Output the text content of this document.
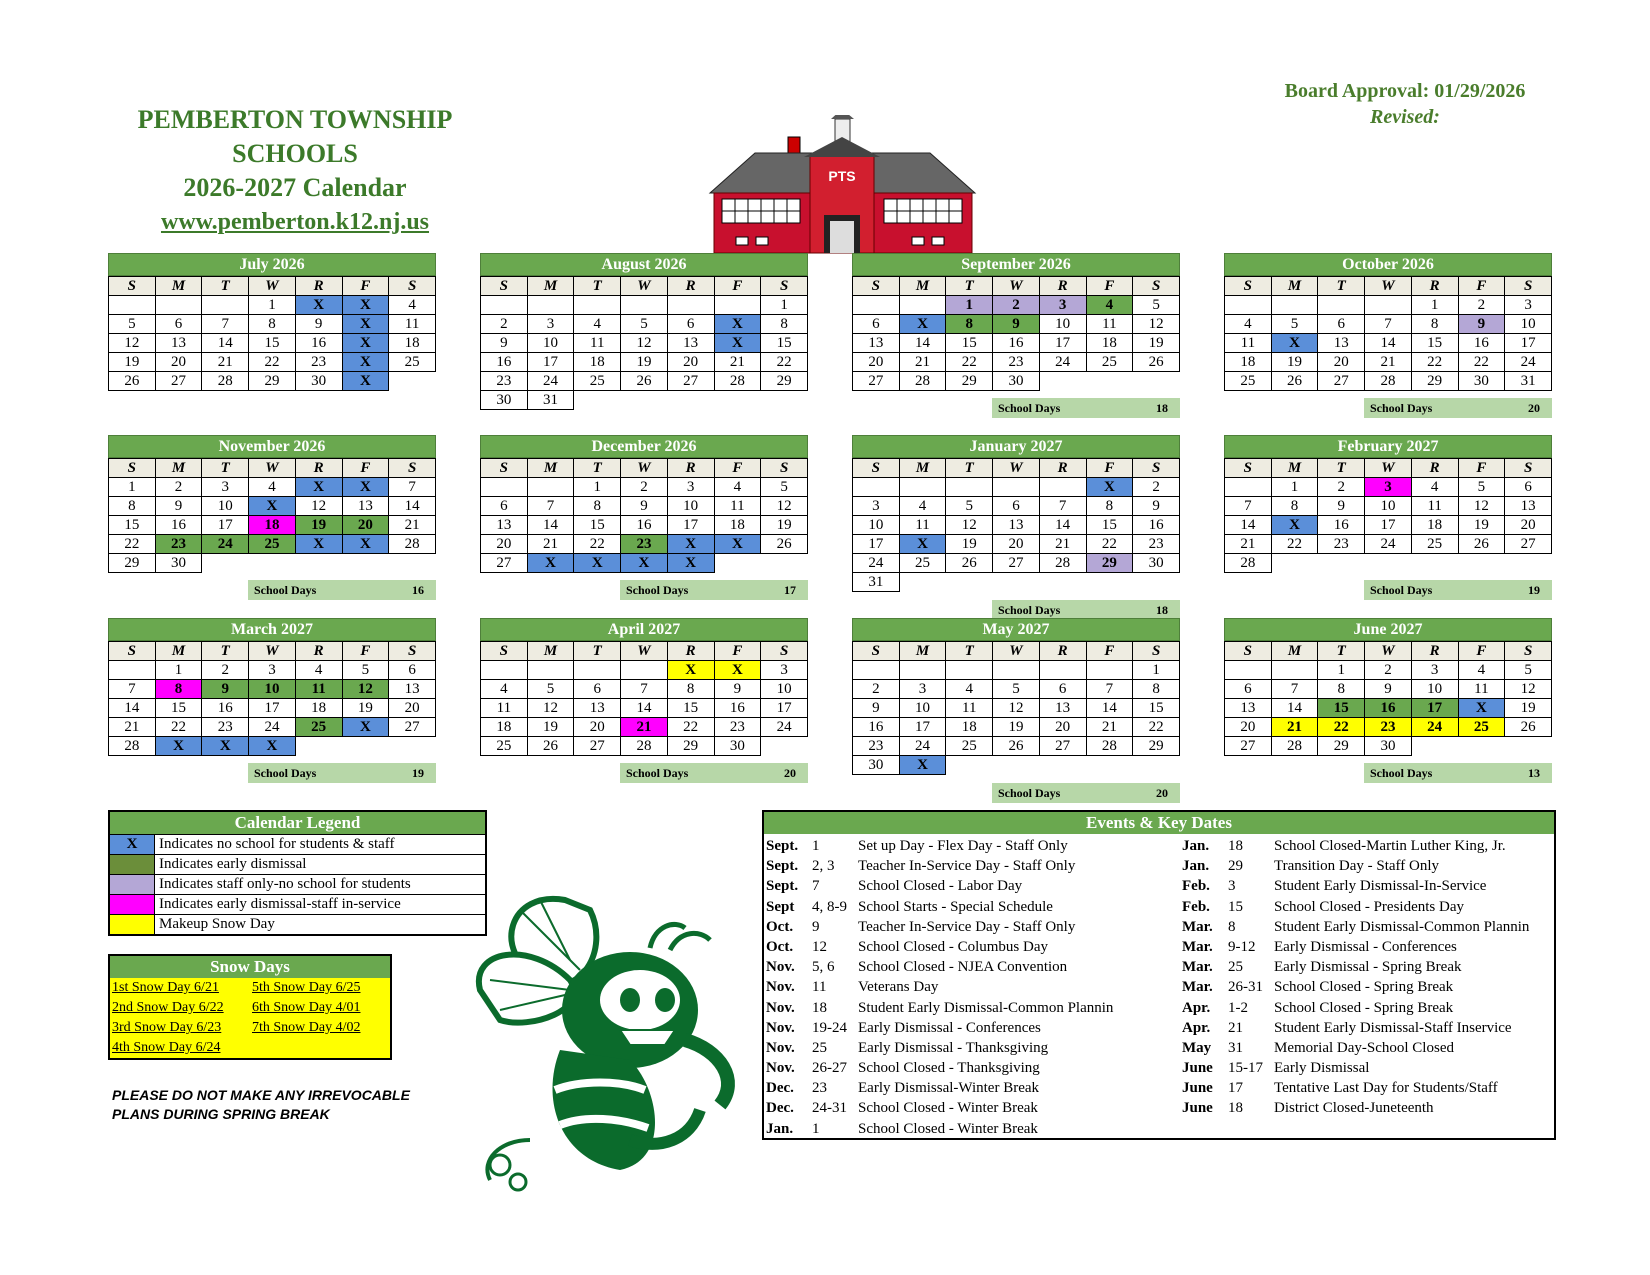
PEMBERTON TOWNSHIP
SCHOOLS
2026-2027 Calendar
www.pemberton.k12.nj.us
Board Approval: 01/29/2026
Revised:
PTS
July 2026
S	M	T	W	R	F	S
			1	X	X	4
5	6	7	8	9	X	11
12	13	14	15	16	X	18
19	20	21	22	23	X	25
26	27	28	29	30	X	
August 2026
S	M	T	W	R	F	S
						1
2	3	4	5	6	X	8
9	10	11	12	13	X	15
16	17	18	19	20	21	22
23	24	25	26	27	28	29
30	31					
September 2026
S	M	T	W	R	F	S
		1	2	3	4	5
6	X	8	9	10	11	12
13	14	15	16	17	18	19
20	21	22	23	24	25	26
27	28	29	30			
School Days	18
October 2026
S	M	T	W	R	F	S
				1	2	3
4	5	6	7	8	9	10
11	X	13	14	15	16	17
18	19	20	21	22	22	24
25	26	27	28	29	30	31
School Days	20
November 2026
S	M	T	W	R	F	S
1	2	3	4	X	X	7
8	9	10	X	12	13	14
15	16	17	18	19	20	21
22	23	24	25	X	X	28
29	30					
School Days	16
December 2026
S	M	T	W	R	F	S
		1	2	3	4	5
6	7	8	9	10	11	12
13	14	15	16	17	18	19
20	21	22	23	X	X	26
27	X	X	X	X		
School Days	17
January 2027
S	M	T	W	R	F	S
					X	2
3	4	5	6	7	8	9
10	11	12	13	14	15	16
17	X	19	20	21	22	23
24	25	26	27	28	29	30
31						
School Days	18
February 2027
S	M	T	W	R	F	S
	1	2	3	4	5	6
7	8	9	10	11	12	13
14	X	16	17	18	19	20
21	22	23	24	25	26	27
28						
School Days	19
March 2027
S	M	T	W	R	F	S
	1	2	3	4	5	6
7	8	9	10	11	12	13
14	15	16	17	18	19	20
21	22	23	24	25	X	27
28	X	X	X			
School Days	19
April 2027
S	M	T	W	R	F	S
				X	X	3
4	5	6	7	8	9	10
11	12	13	14	15	16	17
18	19	20	21	22	23	24
25	26	27	28	29	30	
School Days	20
May 2027
S	M	T	W	R	F	S
						1
2	3	4	5	6	7	8
9	10	11	12	13	14	15
16	17	18	19	20	21	22
23	24	25	26	27	28	29
30	X					
School Days	20
June 2027
S	M	T	W	R	F	S
		1	2	3	4	5
6	7	8	9	10	11	12
13	14	15	16	17	X	19
20	21	22	23	24	25	26
27	28	29	30			
School Days	13
Calendar Legend
X	Indicates no school for students & staff
Indicates early dismissal
Indicates staff only-no school for students
Indicates early dismissal-staff in-service
Makeup Snow Day
Snow Days
1st Snow Day 6/21	5th Snow Day 6/25
2nd Snow Day 6/22	6th Snow Day 4/01
3rd Snow Day 6/23	7th Snow Day 4/02
4th Snow Day 6/24
PLEASE DO NOT MAKE ANY IRREVOCABLE
PLANS DURING SPRING BREAK
Events & Key Dates
Sept. 1	Set up Day - Flex Day - Staff Only
Sept. 2, 3 Teacher In-Service Day - Staff Only
Sept. 7	School Closed - Labor Day
Sept 4, 8-9 School Starts - Special Schedule
Oct. 9	Teacher In-Service Day - Staff Only
Oct. 12 School Closed - Columbus Day
Nov. 5, 6 School Closed - NJEA Convention
Nov. 11 Veterans Day
Nov. 18 Student Early Dismissal-Common Plannin
Nov. 19-24 Early Dismissal - Conferences
Nov. 25 Early Dismissal - Thanksgiving
Nov. 26-27 School Closed - Thanksgiving
Dec. 23 Early Dismissal-Winter Break
Dec. 24-31 School Closed - Winter Break
Jan. 1	School Closed - Winter Break
Jan. 18 School Closed-Martin Luther King, Jr.
Jan. 29 Transition Day - Staff Only
Feb. 3	Student Early Dismissal-In-Service
Feb. 15 School Closed - Presidents Day
Mar. 8	Student Early Dismissal-Common Plannin
Mar. 9-12 Early Dismissal - Conferences
Mar. 25 Early Dismissal - Spring Break
Mar. 26-31 School Closed - Spring Break
Apr. 1-2 School Closed - Spring Break
Apr. 21 Student Early Dismissal-Staff Inservice
May 31 Memorial Day-School Closed
June 15-17 Early Dismissal
June 17 Tentative Last Day for Students/Staff
June 18 District Closed-Juneteenth
